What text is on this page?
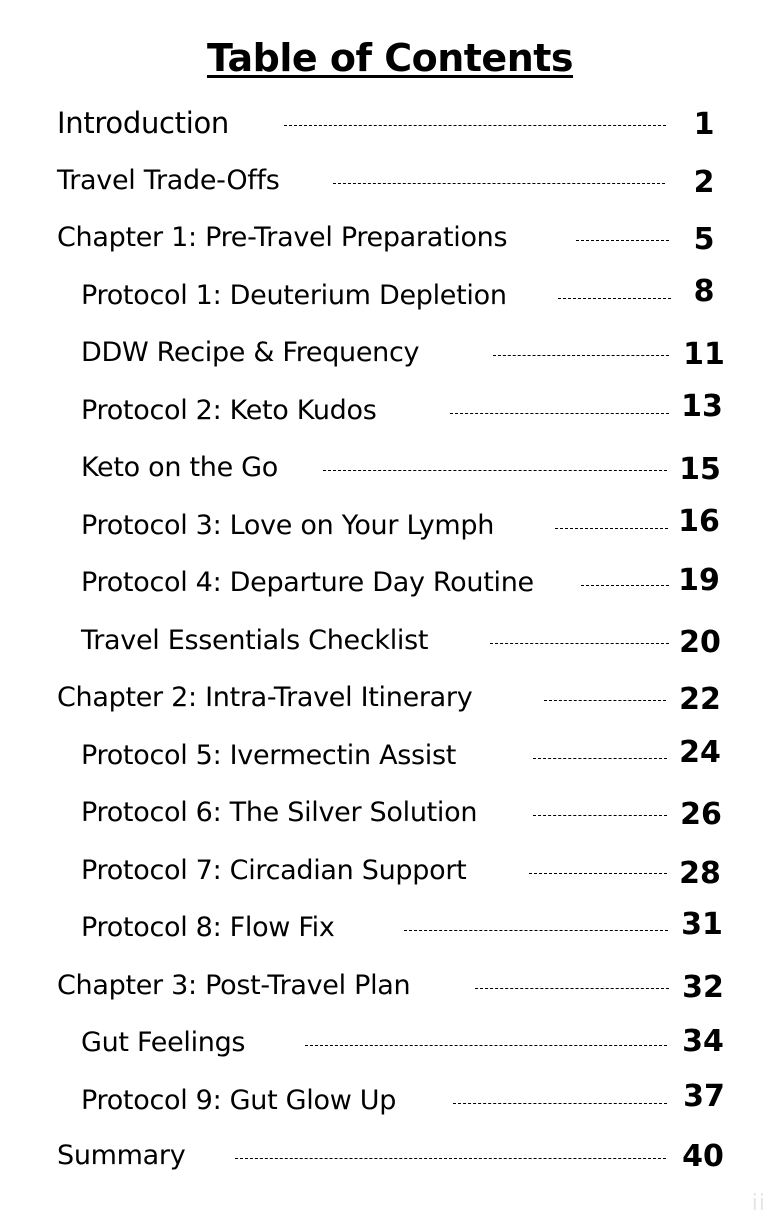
Table of Contents
Introduction	1
Travel Trade-Offs	2
Chapter 1: Pre-Travel Preparations	5
Protocol 1: Deuterium Depletion	8
DDW Recipe & Frequency	11
Protocol 2: Keto Kudos	13
Keto on the Go	15
Protocol 3: Love on Your Lymph	16
Protocol 4: Departure Day Routine	19
Travel Essentials Checklist	20
Chapter 2: Intra-Travel Itinerary	22
Protocol 5: Ivermectin Assist	24
Protocol 6: The Silver Solution	26
Protocol 7: Circadian Support	28
Protocol 8: Flow Fix	31
Chapter 3: Post-Travel Plan	32
Gut Feelings	34
Protocol 9: Gut Glow Up	37
Summary	40
ii
